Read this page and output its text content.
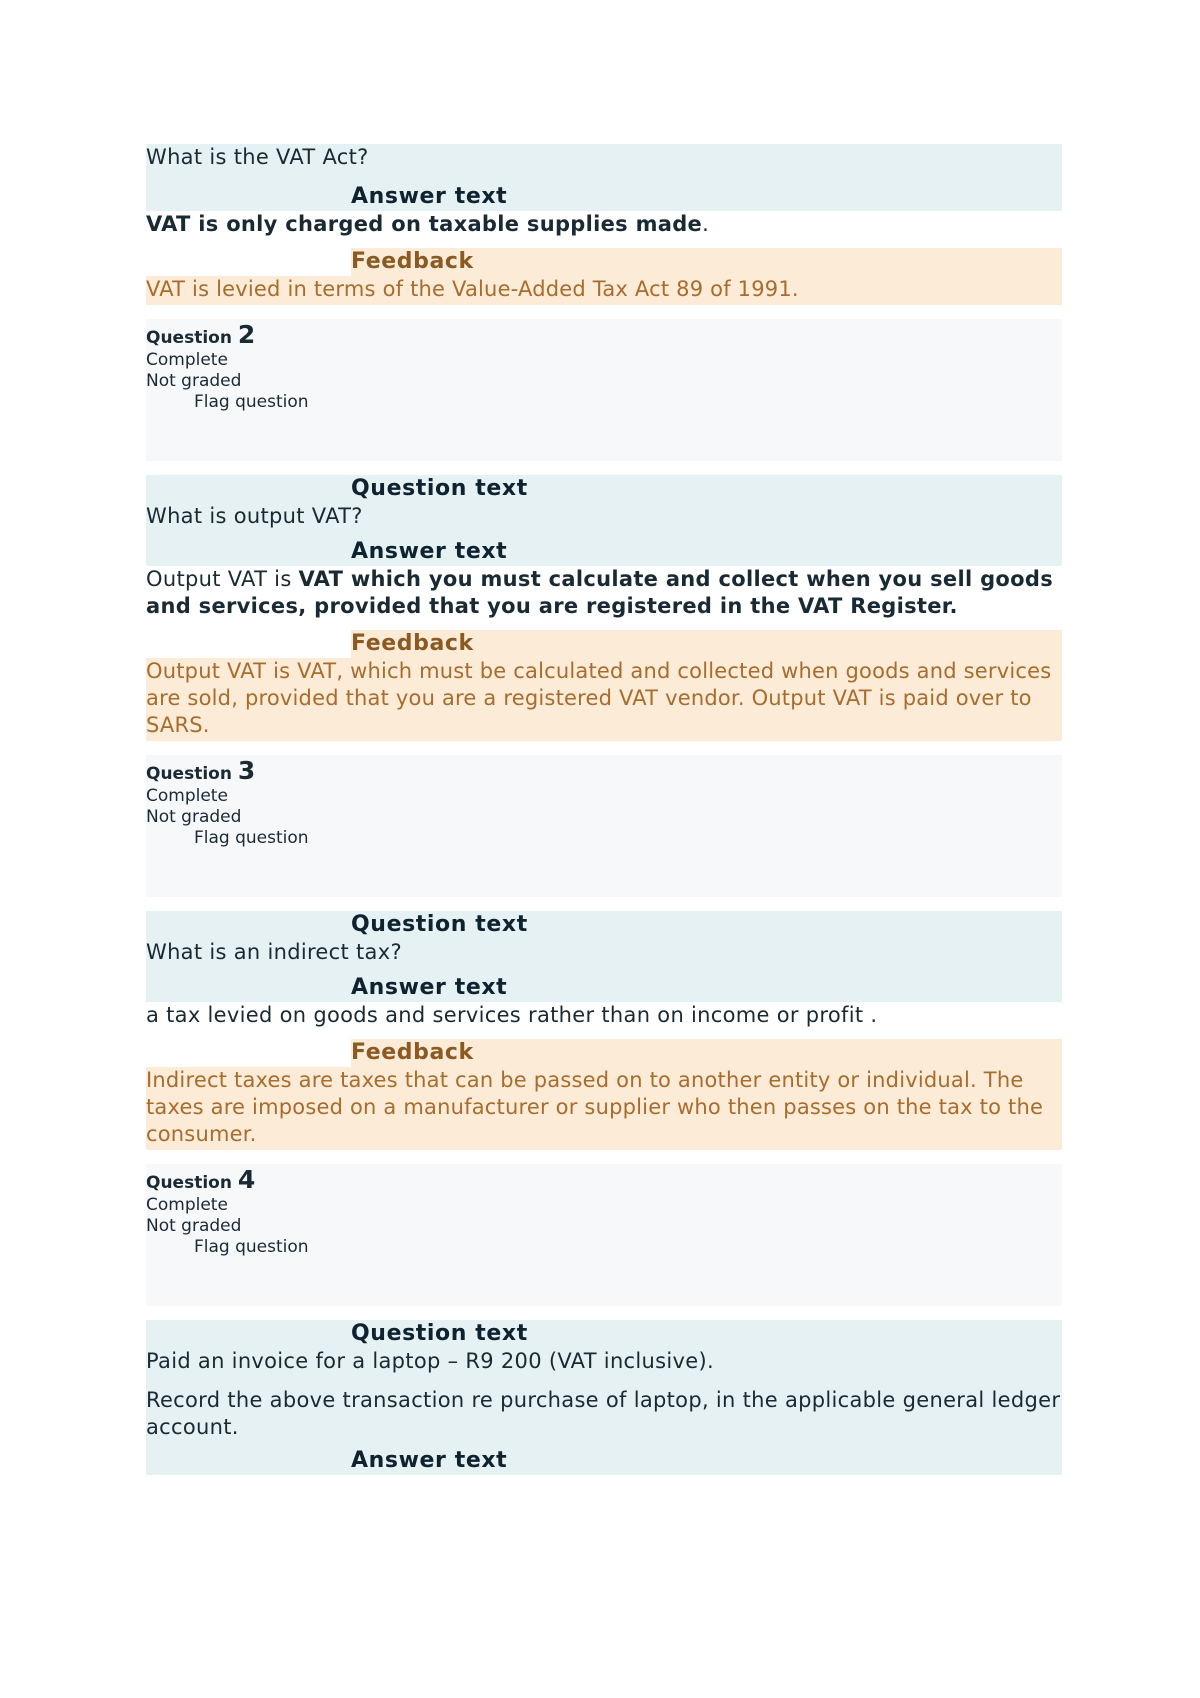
What is the VAT Act?
Answer text
VAT is only charged on taxable supplies made.
Feedback
VAT is levied in terms of the Value-Added Tax Act 89 of 1991.
Question 2
Complete
Not graded
Flag question
Question text
What is output VAT?
Answer text
Output VAT is VAT which you must calculate and collect when you sell goods and services, provided that you are registered in the VAT Register.
Feedback
Output VAT is VAT, which must be calculated and collected when goods and services are sold, provided that you are a registered VAT vendor. Output VAT is paid over to SARS.
Question 3
Complete
Not graded
Flag question
Question text
What is an indirect tax?
Answer text
a tax levied on goods and services rather than on income or profit .
Feedback
Indirect taxes are taxes that can be passed on to another entity or individual. The taxes are imposed on a manufacturer or supplier who then passes on the tax to the consumer.
Question 4
Complete
Not graded
Flag question
Question text
Paid an invoice for a laptop – R9 200 (VAT inclusive).
Record the above transaction re purchase of laptop, in the applicable general ledger account.
Answer text
